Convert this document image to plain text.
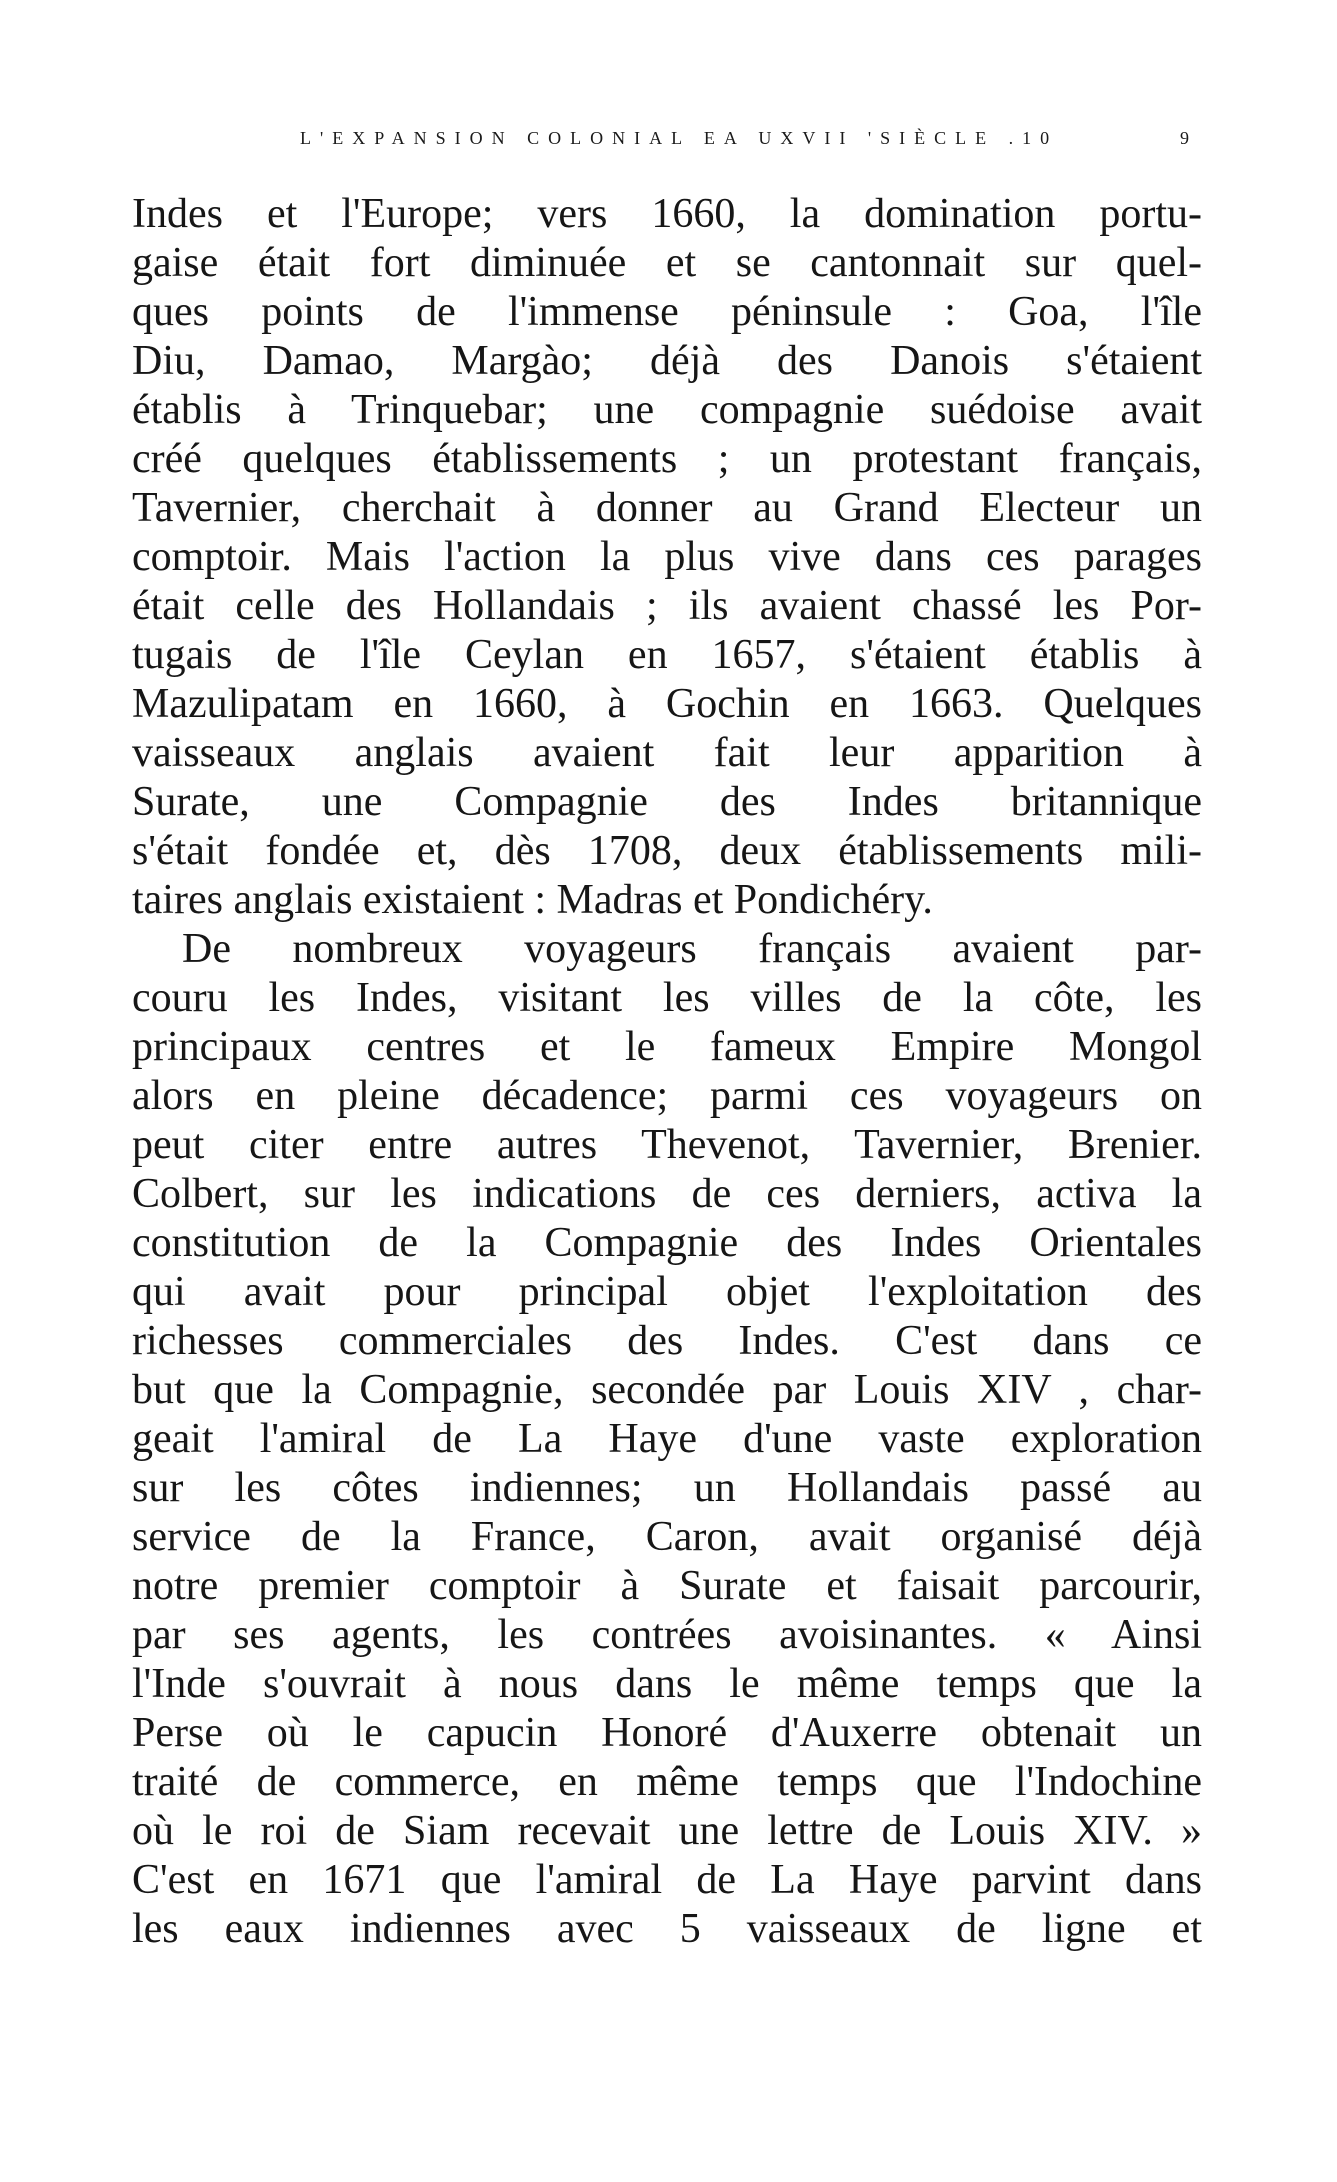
L'EXPANSION COLONIAL EA UXVII 'SIÈCLE .10	9
Indes et l'Europe; vers 1660, la domination portu-
gaise était fort diminuée et se cantonnait sur quel-
ques points de l'immense péninsule : Goa, l'île
Diu, Damao, Margào; déjà des Danois s'étaient
établis à Trinquebar; une compagnie suédoise avait
créé quelques établissements ; un protestant français,
Tavernier, cherchait à donner au Grand Electeur un
comptoir. Mais l'action la plus vive dans ces parages
était celle des Hollandais ; ils avaient chassé les Por-
tugais de l'île Ceylan en 1657, s'étaient établis à
Mazulipatam en 1660, à Gochin en 1663. Quelques
vaisseaux anglais avaient fait leur apparition à
Surate, une Compagnie des Indes britannique
s'était fondée et, dès 1708, deux établissements mili-
taires anglais existaient : Madras et Pondichéry.
De nombreux voyageurs français avaient par-
couru les Indes, visitant les villes de la côte, les
principaux centres et le fameux Empire Mongol
alors en pleine décadence; parmi ces voyageurs on
peut citer entre autres Thevenot, Tavernier, Brenier.
Colbert, sur les indications de ces derniers, activa la
constitution de la Compagnie des Indes Orientales
qui avait pour principal objet l'exploitation des
richesses commerciales des Indes. C'est dans ce
but que la Compagnie, secondée par Louis XIV , char-
geait l'amiral de La Haye d'une vaste exploration
sur les côtes indiennes; un Hollandais passé au
service de la France, Caron, avait organisé déjà
notre premier comptoir à Surate et faisait parcourir,
par ses agents, les contrées avoisinantes. « Ainsi
l'Inde s'ouvrait à nous dans le même temps que la
Perse où le capucin Honoré d'Auxerre obtenait un
traité de commerce, en même temps que l'Indochine
où le roi de Siam recevait une lettre de Louis XIV. »
C'est en 1671 que l'amiral de La Haye parvint dans
les eaux indiennes avec 5 vaisseaux de ligne et
